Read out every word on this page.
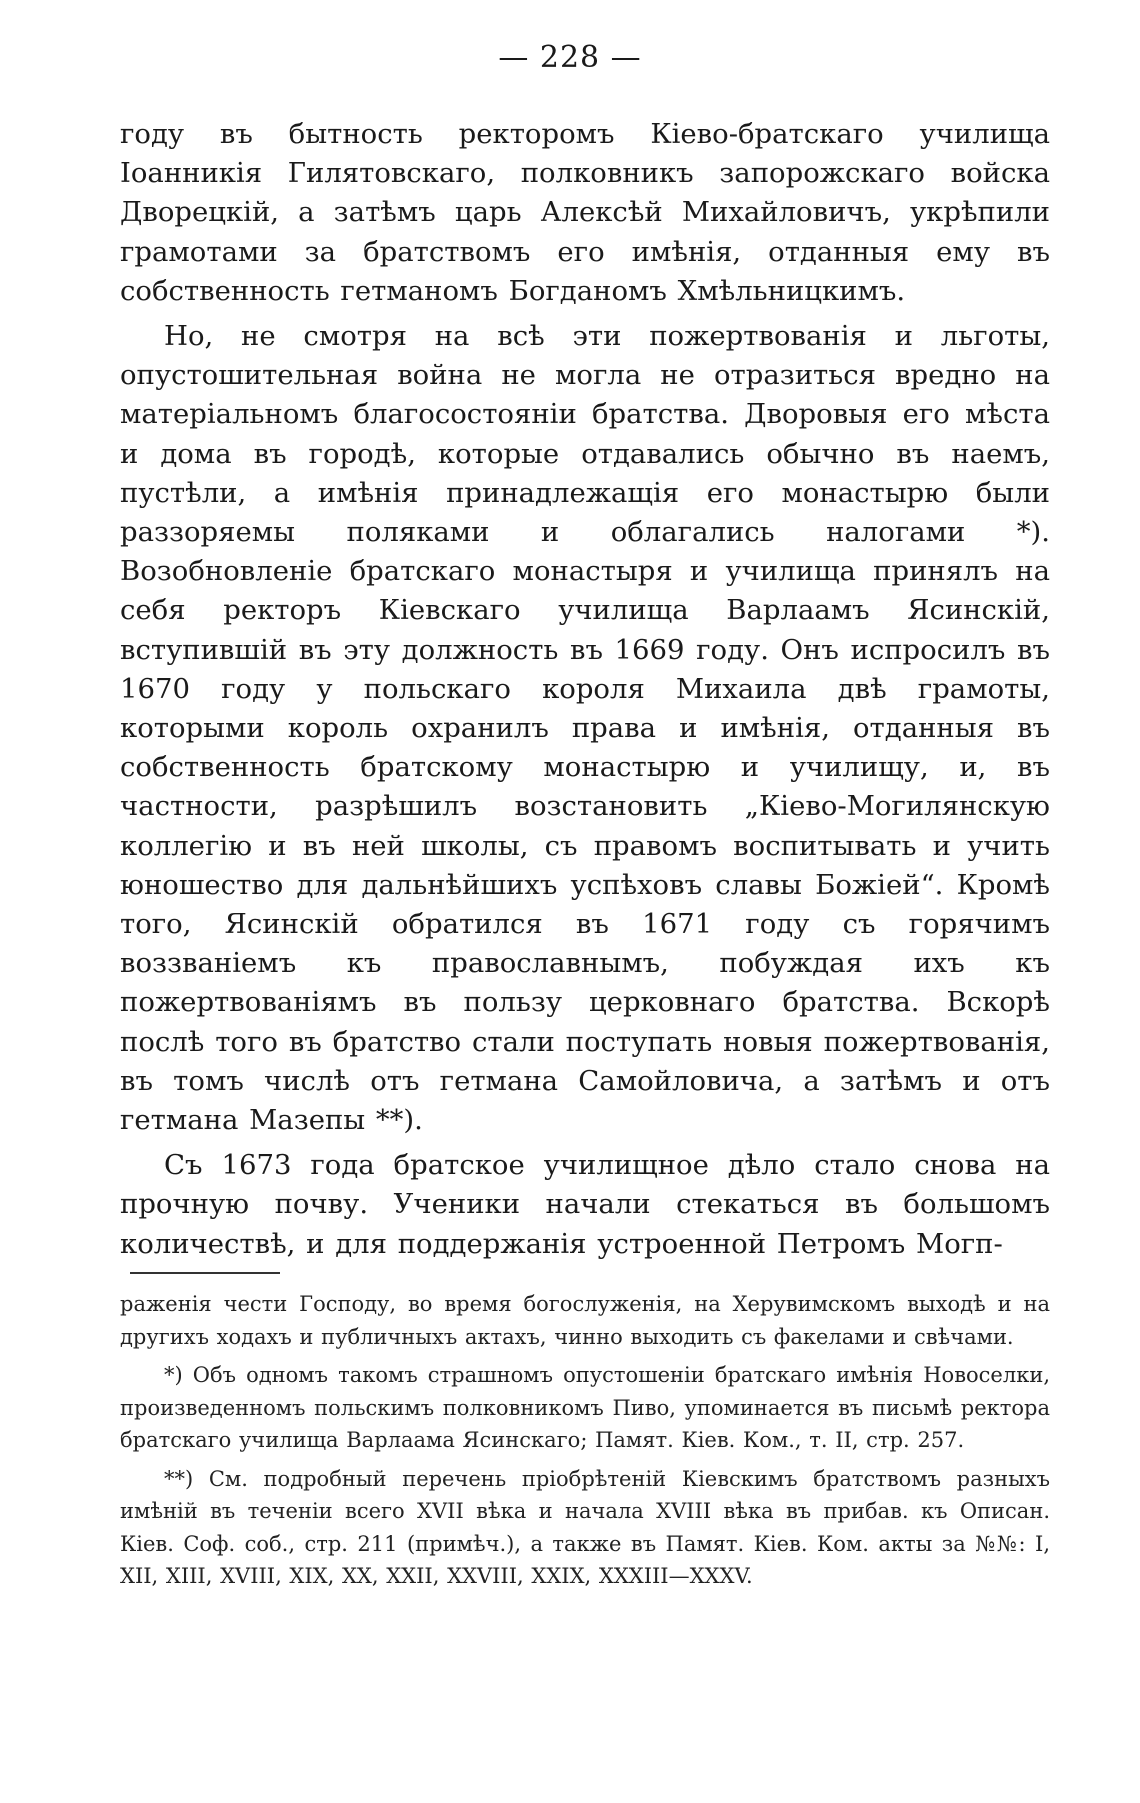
— 228 —

году въ бытность ректоромъ Кіево-братскаго училища Іоанникія Гилятовскаго, полковникъ запорожскаго войска Дворецкій, а затѣмъ царь Алексѣй Михайловичъ, укрѣпили грамотами за братствомъ его имѣнія, отданныя ему въ собственность гетманомъ Богданомъ Хмѣльницкимъ.

Но, не смотря на всѣ эти пожертвованія и льготы, опустошительная война не могла не отразиться вредно на матеріальномъ благосостояніи братства. Дворовыя его мѣста и дома въ городѣ, которые отдавались обычно въ наемъ, пустѣли, а имѣнія принадлежащія его монастырю были раззоряемы поляками и облагались налогами *). Возобновленіе братскаго монастыря и училища принялъ на себя ректоръ Кіевскаго училища Варлаамъ Ясинскій, вступившій въ эту должность въ 1669 году. Онъ испросилъ въ 1670 году у польскаго короля Михаила двѣ грамоты, которыми король охранилъ права и имѣнія, отданныя въ собственность братскому монастырю и училищу, и, въ частности, разрѣшилъ возстановить „Кіево-Могилянскую коллегію и въ ней школы, съ правомъ воспитывать и учить юношество для дальнѣйшихъ успѣховъ славы Божіей“. Кромѣ того, Ясинскій обратился въ 1671 году съ горячимъ воззваніемъ къ православнымъ, побуждая ихъ къ пожертвованіямъ въ пользу церковнаго братства. Вскорѣ послѣ того въ братство стали поступать новыя пожертвованія, въ томъ числѣ отъ гетмана Самойловича, а затѣмъ и отъ гетмана Мазепы **).

Съ 1673 года братское училищное дѣло стало снова на прочную почву. Ученики начали стекаться въ большомъ количествѣ, и для поддержанія устроенной Петромъ Могп-

раженія чести Господу, во время богослуженія, на Херувимскомъ выходѣ и на другихъ ходахъ и публичныхъ актахъ, чинно выходить съ факелами и свѣчами.

*) Объ одномъ такомъ страшномъ опустошеніи братскаго имѣнія Новоселки, произведенномъ польскимъ полковникомъ Пиво, упоминается въ письмѣ ректора братскаго училища Варлаама Ясинскаго; Памят. Кіев. Ком., т. II, стр. 257.

**) См. подробный перечень пріобрѣтеній Кіевскимъ братствомъ разныхъ имѣній въ теченіи всего XVII вѣка и начала XVIII вѣка въ прибав. къ Описан. Кіев. Соф. соб., стр. 211 (примѣч.), а также въ Памят. Кіев. Ком. акты за №№: I, XII, XIII, XVIII, XIX, XX, XXII, XXVIII, XXIX, XXXIII—XXXV.
